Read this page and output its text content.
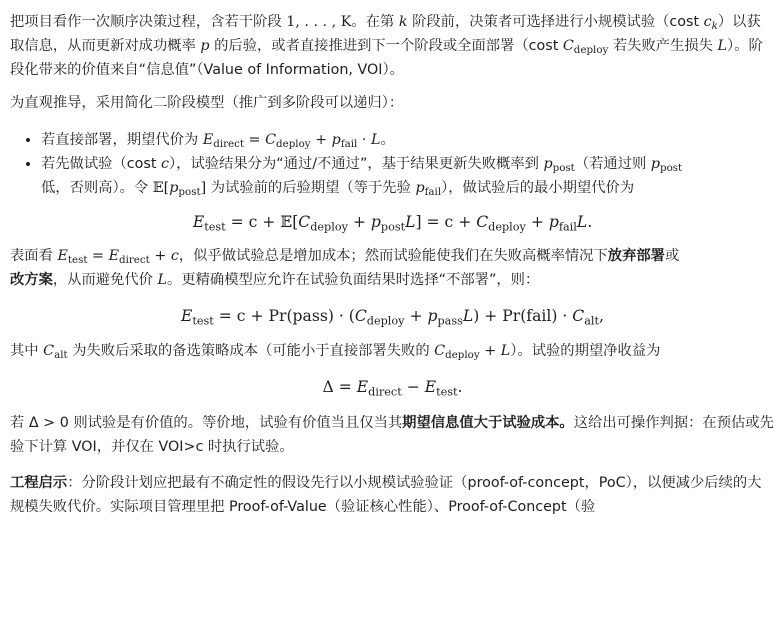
把项目看作一次顺序决策过程，含若干阶段 1, . . . , K。在第 k 阶段前，决策者可选择进行小规模试验（cost $c_k$）以获取信息，从而更新对成功概率 p 的后验，或者直接推进到下一个阶段或全面部署（cost $C_{deploy}$ 若失败产生损失 L）。阶段化带来的价值来自“信息值”（Value of Information, VOI）。

为直观推导，采用简化二阶段模型（推广到多阶段可以递归）：

• 若直接部署，期望代价为 $E_{direct} = C_{deploy} + p_{fail} \cdot L$。
• 若先做试验（cost c），试验结果分为“通过/不通过”，基于结果更新失败概率到 $p_{post}$（若通过则 $p_{post}$
低，否则高）。令 $𝔼[p_{post}]$ 为试验前的后验期望（等于先验 $p_{fail}$），做试验后的最小期望代价为
$E_{test} = c$ + $𝔼[C_{deploy} + p_{post}L] = c + C_{deploy} + p_{fail}L$.

表面看 $E_{test} = E_{direct} + c$，似乎做试验总是增加成本；然而试验能使我们在失败高概率情况下放弃部署或
改方案，从而避免代价 L。更精确模型应允许在试验负面结果时选择“不部署”，则：

$E_{test} = c$ + Pr(pass) · $(C_{deploy} + p_{pass}L)$ + Pr(fail) · $C_{alt}$,

其中 $C_{alt}$ 为失败后采取的备选策略成本（可能小于直接部署失败的 $C_{deploy} + L$）。试验的期望净收益为

$\Delta = E_{direct} - E_{test}$.

若 Δ > 0 则试验是有价值的。等价地，试验有价值当且仅当其期望信息值大于试验成本。这给出可操作判据：在预估或先验下计算 VOI，并仅在 VOI>c 时执行试验。

工程启示：分阶段计划应把最有不确定性的假设先行以小规模试验验证（proof-of-concept，PoC），以便减少后续的大规模失败代价。实际项目管理里把 Proof-of-Value（验证核心性能）、Proof-of-Concept（验
